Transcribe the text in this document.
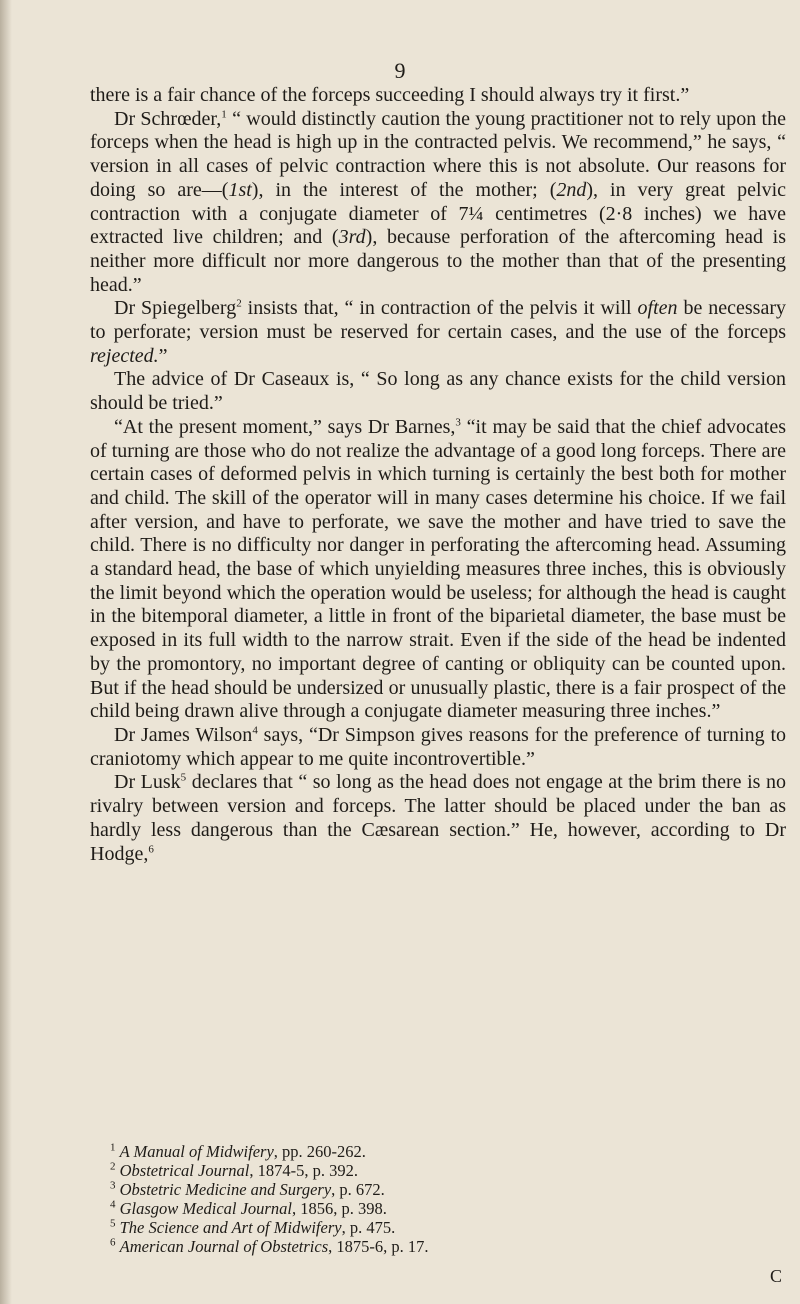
9

there is a fair chance of the forceps succeeding I should always try it first.”

Dr Schrœder,$^1$ “ would distinctly caution the young practitioner not to rely upon the forceps when the head is high up in the contracted pelvis. We recommend,” he says, “ version in all cases of pelvic contraction where this is not absolute. Our reasons for doing so are—(1st), in the interest of the mother; (2nd), in very great pelvic contraction with a conjugate diameter of 7¼ centimetres (2·8 inches) we have extracted live children; and (3rd), because perforation of the aftercoming head is neither more difficult nor more dangerous to the mother than that of the presenting head.”

Dr Spiegelberg$^2$ insists that, “ in contraction of the pelvis it will often be necessary to perforate; version must be reserved for certain cases, and the use of the forceps rejected.”

The advice of Dr Caseaux is, “ So long as any chance exists for the child version should be tried.”

“At the present moment,” says Dr Barnes,$^3$ “it may be said that the chief advocates of turning are those who do not realize the advantage of a good long forceps. There are certain cases of deformed pelvis in which turning is certainly the best both for mother and child. The skill of the operator will in many cases determine his choice. If we fail after version, and have to perforate, we save the mother and have tried to save the child. There is no difficulty nor danger in perforating the aftercoming head. Assuming a standard head, the base of which unyielding measures three inches, this is obviously the limit beyond which the operation would be useless; for although the head is caught in the bitemporal diameter, a little in front of the biparietal diameter, the base must be exposed in its full width to the narrow strait. Even if the side of the head be indented by the promontory, no important degree of canting or obliquity can be counted upon. But if the head should be undersized or unusually plastic, there is a fair prospect of the child being drawn alive through a conjugate diameter measuring three inches.”

Dr James Wilson$^4$ says, “Dr Simpson gives reasons for the preference of turning to craniotomy which appear to me quite incontrovertible.”

Dr Lusk$^5$ declares that “ so long as the head does not engage at the brim there is no rivalry between version and forceps. The latter should be placed under the ban as hardly less dangerous than the Cæsarean section.” He, however, according to Dr Hodge,$^6$

$^1$ A Manual of Midwifery, pp. 260-262.

$^2$ Obstetrical Journal, 1874-5, p. 392.

$^3$ Obstetric Medicine and Surgery, p. 672.

$^4$ Glasgow Medical Journal, 1856, p. 398.

$^5$ The Science and Art of Midwifery, p. 475.

$^6$ American Journal of Obstetrics, 1875-6, p. 17.

C
